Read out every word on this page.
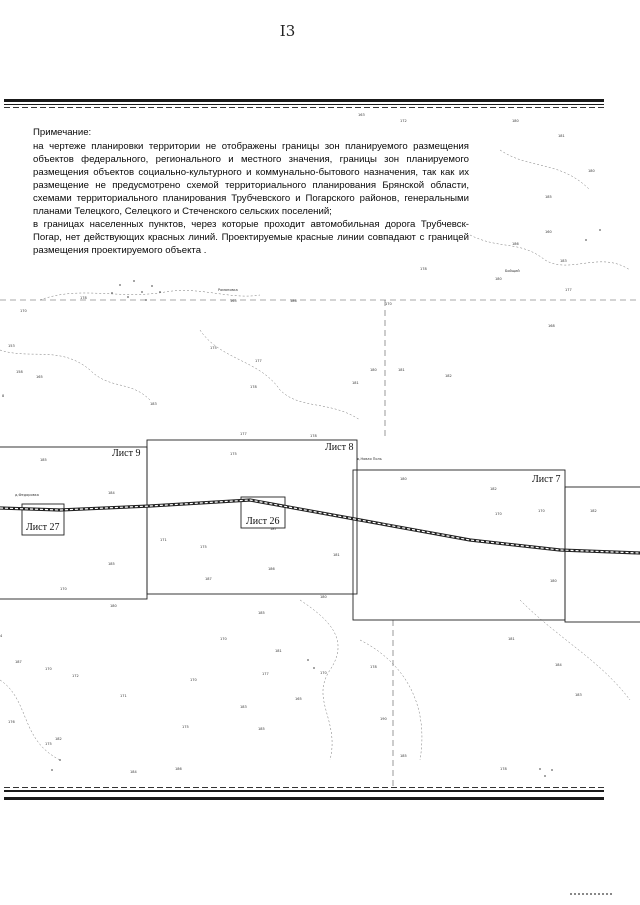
I3

Примечание:

на чертеже планировки территории не отображены границы зон планируемого размещения объектов федерального, регионального и местного значения, границы зон планируемого размещения объектов социально-культурного и коммунально-бытового назначения, так как их размещение не предусмотрено схемой территориального планирования Брянской области, схемами территориального планирования Трубчевского и Погарского районов, генеральными планами Телецкого, Селецкого и Стеченского сельских поселений;

в границах населенных пунктов, через которые проходит автомобильная дорога Трубчевск-Погар, нет действующих красных линий. Проектируемые красные линии совпадают с границей размещения проектируемого объекта .

163
172	180
181
180
185
160
186
183
178
180
177
178
165	186
170
170
168
153	175
177
180	181
182
158
165
178
181
183
8
177	178
185
175
184
180
182
170
170	182
171
175
187
181
185
187
186
170
180
180
185
180
170
181
181
4
187
170
172
170
177	170
178	184
171
183
165
190
183
176
175
175	185
185
184
186
182
178
Романовка
д.Федоровка
д.Новая Поль
Бойщий
Лист 9
Лист 8
Лист 7
Лист 27
Лист 26
